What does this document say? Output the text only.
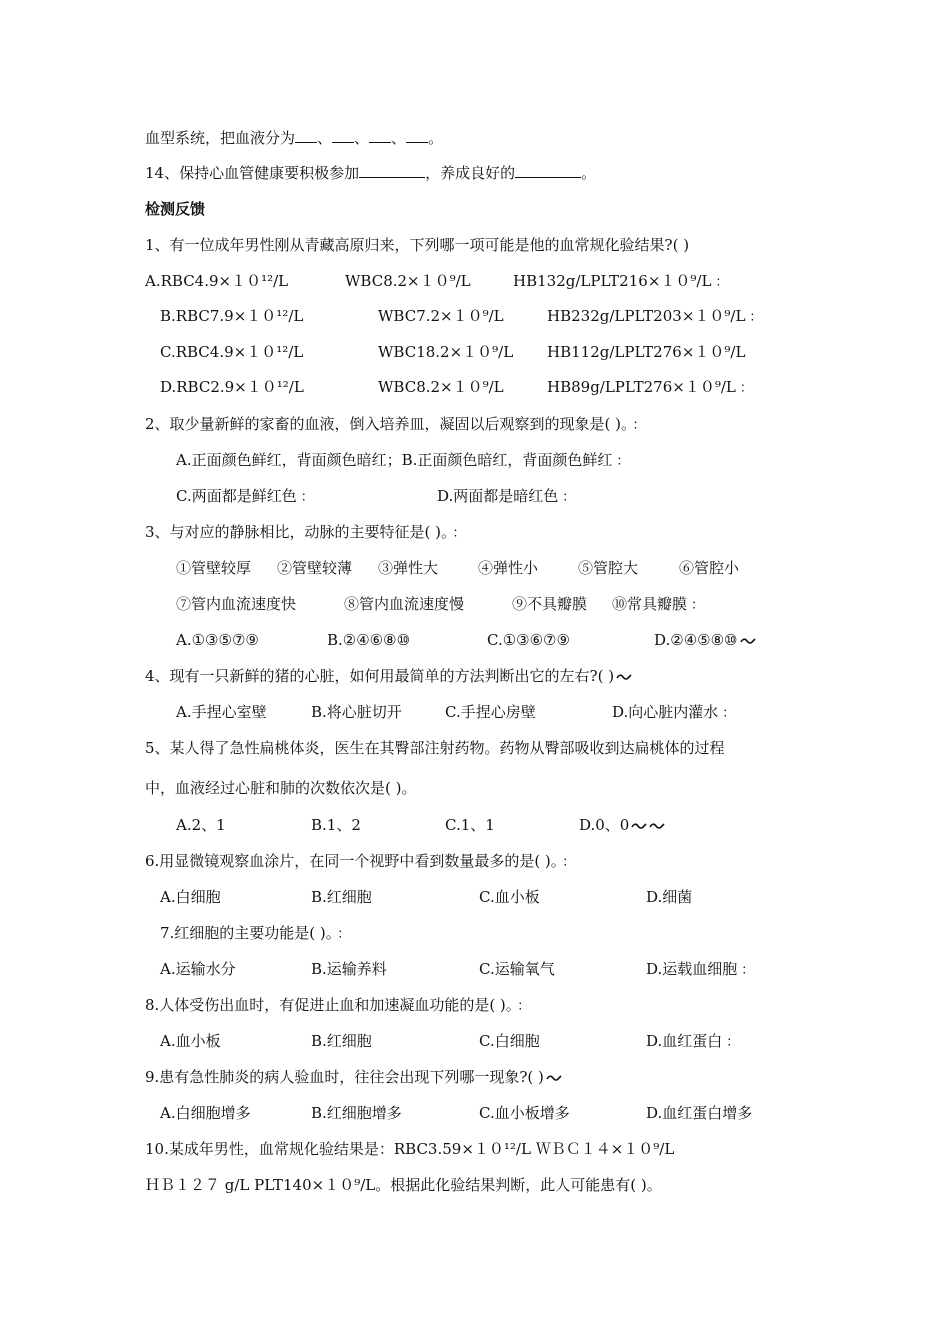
血型系统，把血液分为 、 、 、 。
14、保持心血管健康要积极参加	，养成良好的	。
检测反馈
1、有一位成年男性刚从青藏高原归来，下列哪一项可能是他的血常规化验结果?( )
A.RBC4.9×１０¹²/L	WBC8.2×１０⁹/L	HB132g/LPLT216×１０⁹/L ：
B.RBC7.9×１０¹²/L	WBC7.2×１０⁹/L	HB232g/LPLT203×１０⁹/L ：
C.RBC4.9×１０¹²/L	WBC18.2×１０⁹/L HB112g/LPLT276×１０⁹/L
D.RBC2.9×１０¹²/L	WBC8.2×１０⁹/L	HB89g/LPLT276×１０⁹/L ：
2、取少量新鲜的家畜的血液，倒入培养皿，凝固以后观察到的现象是( )。 ：
A.正面颜色鲜红，背面颜色暗红；B.正面颜色暗红，背面颜色鲜红 ：
C.两面都是鲜红色 ：	D.两面都是暗红色 ：
3、与对应的静脉相比，动脉的主要特征是( )。 ：
①管壁较厚 ②管壁较薄 ③弹性大	④弹性小	⑤管腔大	⑥管腔小
⑦管内血流速度快	⑧管内血流速度慢	⑨不具瓣膜 ⑩常具瓣膜 ：
A.①③⑤⑦⑨	B.②④⑥⑧⑩	C.①③⑥⑦⑨	D.②④⑤⑧⑩
4、现有一只新鲜的猪的心脏，如何用最简单的方法判断出它的左右?( )
A.手捏心室壁	B.将心脏切开	C.手捏心房壁	D.向心脏内灌水 ：
5、某人得了急性扁桃体炎，医生在其臀部注射药物。药物从臀部吸收到达扁桃体的过程
中，血液经过心脏和肺的次数依次是( )。
A.2、1	B.1、2	C.1、1	D.0、0
6.用显微镜观察血涂片，在同一个视野中看到数量最多的是( )。 ：
A.白细胞	B.红细胞	C.血小板	D.细菌
7.红细胞的主要功能是( )。 ：
A.运输水分	B.运输养料	C.运输氧气	D.运载血细胞 ：
8.人体受伤出血时，有促进止血和加速凝血功能的是( )。 ：
A.血小板	B.红细胞	C.白细胞	D.血红蛋白 ：
9.患有急性肺炎的病人验血时，往往会出现下列哪一现象?( )
A.白细胞增多	B.红细胞增多	C.血小板增多	D.血红蛋白增多
10.某成年男性，血常规化验结果是：RBC3.59×１０¹²/L ＷＢＣ１４×１０⁹/L
ＨＢ１２７ g/L PLT140×１０⁹/L。根据此化验结果判断，此人可能患有( )。
